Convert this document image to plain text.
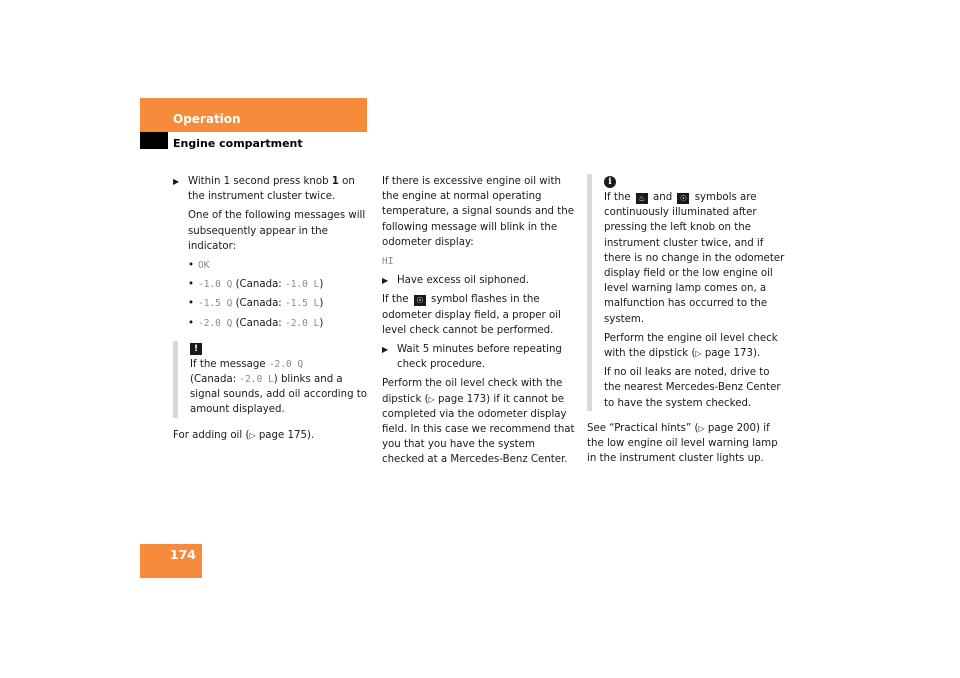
Operation
Engine compartment
▶ Within 1 second press knob 1 on the instrument cluster twice.

One of the following messages will subsequently appear in the indicator:

• OK
• -1.0 Q (Canada: -1.0 L)
• -1.5 Q (Canada: -1.5 L)
• -2.0 Q (Canada: -2.0 L)
!
If the message -2.0 Q
(Canada: -2.0 L) blinks and a signal sounds, add oil according to amount displayed.

For adding oil (▷ page 175).

If there is excessive engine oil with the engine at normal operating temperature, a signal sounds and the following message will blink in the odometer display:

HI

▶ Have excess oil siphoned.

If the ☉ symbol flashes in the odometer display field, a proper oil level check cannot be performed.

▶ Wait 5 minutes before repeating check procedure.

Perform the oil level check with the dipstick (▷ page 173) if it cannot be completed via the odometer display field. In this case we recommend that you that you have the system checked at a Mercedes-Benz Center.

i

If the ♨ and ☉ symbols are continuously illuminated after pressing the left knob on the instrument cluster twice, and if there is no change in the odometer display field or the low engine oil level warning lamp comes on, a malfunction has occurred to the system.

Perform the engine oil level check with the dipstick (▷ page 173).

If no oil leaks are noted, drive to the nearest Mercedes-Benz Center to have the system checked.

See “Practical hints” (▷ page 200) if the low engine oil level warning lamp in the instrument cluster lights up.

174
